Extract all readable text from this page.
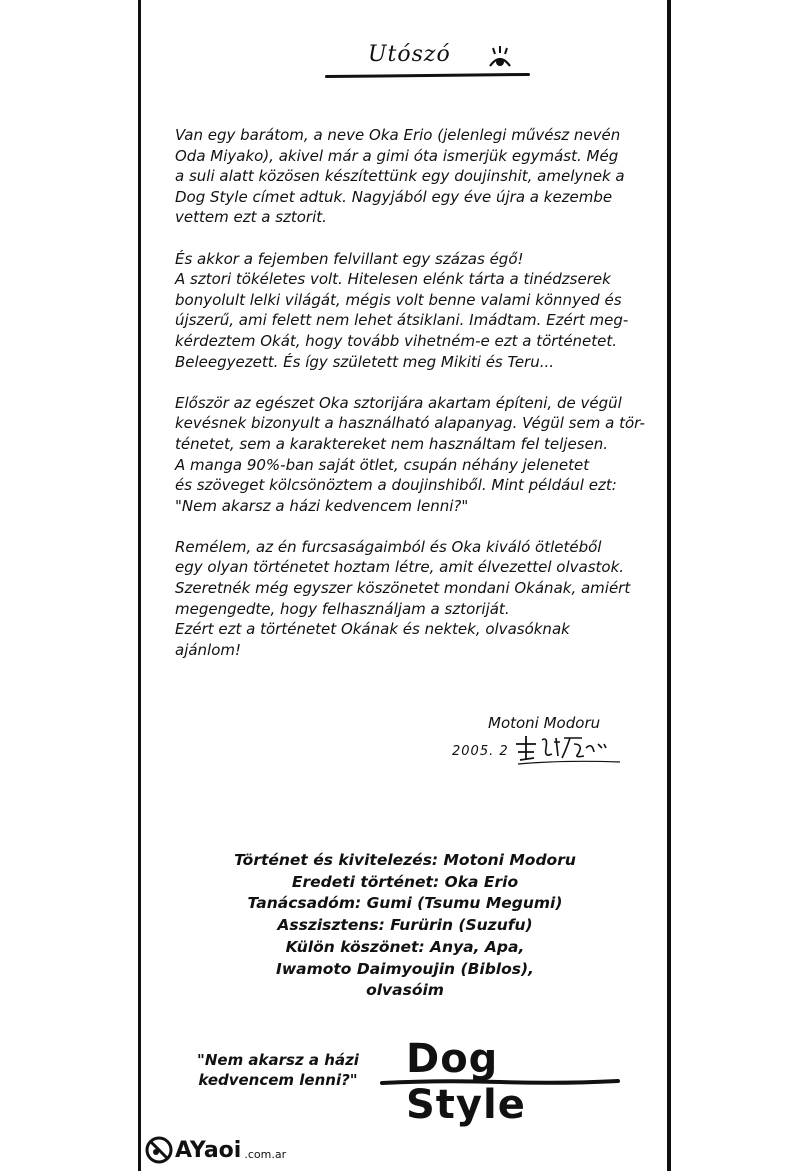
Utószó
Van egy barátom, a neve Oka Erio (jelenlegi művész nevén
Oda Miyako), akivel már a gimi óta ismerjük egymást. Még
a suli alatt közösen készítettünk egy doujinshit, amelynek a
Dog Style címet adtuk. Nagyjából egy éve újra a kezembe
vettem ezt a sztorit.
És akkor a fejemben felvillant egy százas égő!
A sztori tökéletes volt. Hitelesen elénk tárta a tinédzserek
bonyolult lelki világát, mégis volt benne valami könnyed és
újszerű, ami felett nem lehet átsiklani. Imádtam. Ezért meg-
kérdeztem Okát, hogy tovább vihetném-e ezt a történetet.
Beleegyezett. És így született meg Mikiti és Teru...
Először az egészet Oka sztoriјára akartam építeni, de végül
kevésnek bizonyult a használható alapanyag. Végül sem a tör-
ténetet, sem a karaktereket nem használtam fel teljesen.
A manga 90%-ban saját ötlet, csupán néhány jelenetet
és szöveget kölcsönöztem a doujinshiből. Mint például ezt:
"Nem akarsz a házi kedvencem lenni?"
Remélem, az én furcsaságaimból és Oka kiváló ötletéből
egy olyan történetet hoztam létre, amit élvezettel olvastok.
Szeretnék még egyszer köszönetet mondani Okának, amiért
megengedte, hogy felhasználjam a sztoriját.
Ezért ezt a történetet Okának és nektek, olvasóknak
ajánlom!
Motoni Modoru
2005. 2
Történet és kivitelezés: Motoni Modoru
Eredeti történet: Oka Erio
Tanácsadóm: Gumi (Tsumu Megumi)
Asszisztens: Furürin (Suzufu)
Külön köszönet: Anya, Apa,
Iwamoto Daimyoujin (Biblos),
olvasóim
"Nem akarsz a házi
kedvencem lenni?" Dog Style
AYaoi .com.ar
